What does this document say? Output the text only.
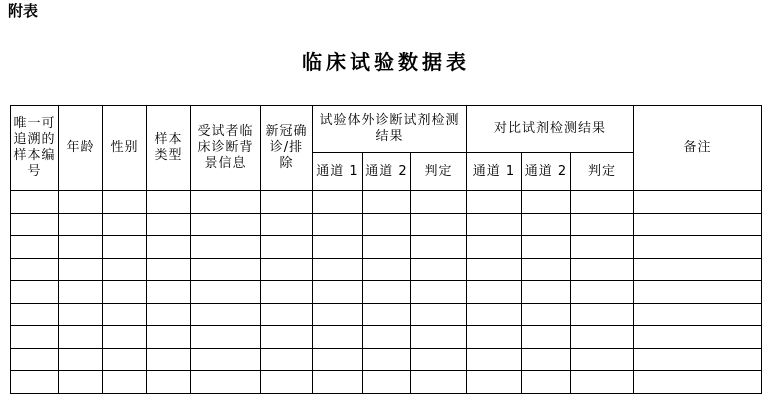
附表
临床试验数据表
唯一可追溯的样本编号	年龄	性别	样本类型	受试者临床诊断背景信息	新冠确诊/排除	试验体外诊断试剂检测结果			对比试剂检测结果			备注
						通道 1	通道 2	判定	通道 1	通道 2	判定	
